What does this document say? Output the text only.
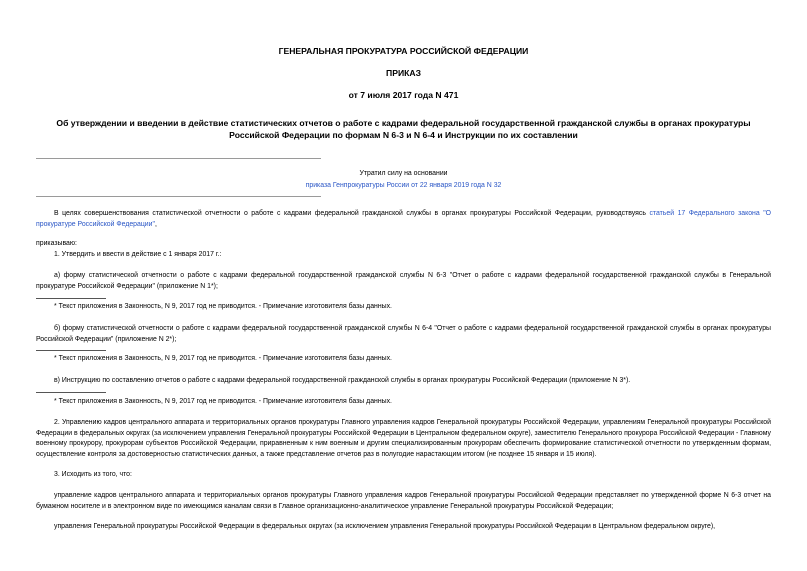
ГЕНЕРАЛЬНАЯ ПРОКУРАТУРА РОССИЙСКОЙ ФЕДЕРАЦИИ
ПРИКАЗ
от 7 июля 2017 года N 471
Об утверждении и введении в действие статистических отчетов о работе с кадрами федеральной государственной гражданской службы в органах прокуратуры Российской Федерации по формам N 6-3 и N 6-4 и Инструкции по их составлении
Утратил силу на основании
приказа Генпрокуратуры России от 22 января 2019 года N 32
В целях совершенствования статистической отчетности о работе с кадрами федеральной гражданской службы в органах прокуратуры Российской Федерации, руководствуясь статьей 17 Федерального закона "О прокуратуре Российской Федерации",
приказываю:
1. Утвердить и ввести в действие с 1 января 2017 г.:
а) форму статистической отчетности о работе с кадрами федеральной государственной гражданской службы N 6-3 "Отчет о работе с кадрами федеральной государственной гражданской службы в Генеральной прокуратуре Российской Федерации" (приложение N 1*);
* Текст приложения в Законность, N 9, 2017 год не приводится. - Примечание изготовителя базы данных.
б) форму статистической отчетности о работе с кадрами федеральной государственной гражданской службы N 6-4 "Отчет о работе с кадрами федеральной государственной гражданской службы в органах прокуратуры Российской Федерации" (приложение N 2*);
* Текст приложения в Законность, N 9, 2017 год не приводится. - Примечание изготовителя базы данных.
в) Инструкцию по составлению отчетов о работе с кадрами федеральной государственной гражданской службы в органах прокуратуры Российской Федерации (приложение N 3*).
* Текст приложения в Законность, N 9, 2017 год не приводится. - Примечание изготовителя базы данных.
2. Управлению кадров центрального аппарата и территориальных органов прокуратуры Главного управления кадров Генеральной прокуратуры Российской Федерации, управлениям Генеральной прокуратуры Российской Федерации в федеральных округах (за исключением управления Генеральной прокуратуры Российской Федерации в Центральном федеральном округе), заместителю Генерального прокурора Российской Федерации - Главному военному прокурору, прокурорам субъектов Российской Федерации, приравненным к ним военным и другим специализированным прокурорам обеспечить формирование статистической отчетности по утвержденным формам, осуществление контроля за достоверностью статистических данных, а также представление отчетов раз в полугодие нарастающим итогом (не позднее 15 января и 15 июля).
3. Исходить из того, что:
управление кадров центрального аппарата и территориальных органов прокуратуры Главного управления кадров Генеральной прокуратуры Российской Федерации представляет по утвержденной форме N 6-3 отчет на бумажном носителе и в электронном виде по имеющимся каналам связи в Главное организационно-аналитическое управление Генеральной прокуратуры Российской Федерации;
управления Генеральной прокуратуры Российской Федерации в федеральных округах (за исключением управления Генеральной прокуратуры Российской Федерации в Центральном федеральном округе),
